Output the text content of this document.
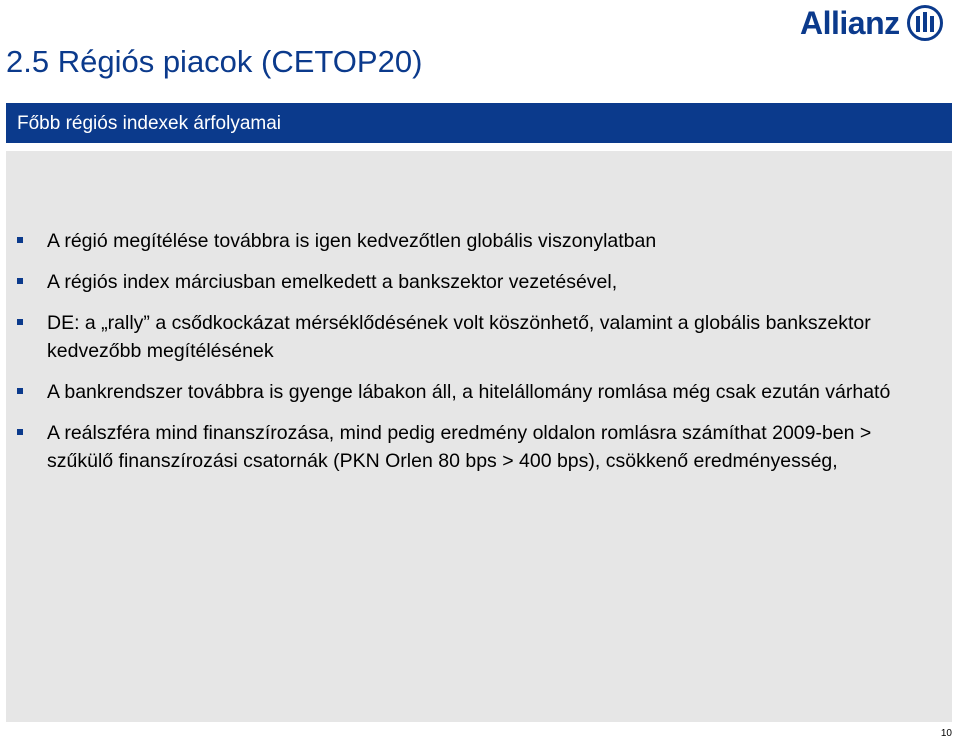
2.5 Régiós piacok (CETOP20)
Allianz
Főbb régiós indexek árfolyamai
A régió megítélése továbbra is igen kedvezőtlen globális viszonylatban
A régiós index márciusban emelkedett a bankszektor vezetésével,
DE: a „rally” a csődkockázat mérséklődésének volt köszönhető, valamint a globális bankszektor kedvezőbb megítélésének
A bankrendszer továbbra is gyenge lábakon áll, a hitelállomány romlása még csak ezután várható
A reálszféra mind finanszírozása, mind pedig eredmény oldalon romlásra számíthat 2009-ben > szűkülő finanszírozási csatornák (PKN Orlen 80 bps > 400 bps), csökkenő eredményesség,
10
